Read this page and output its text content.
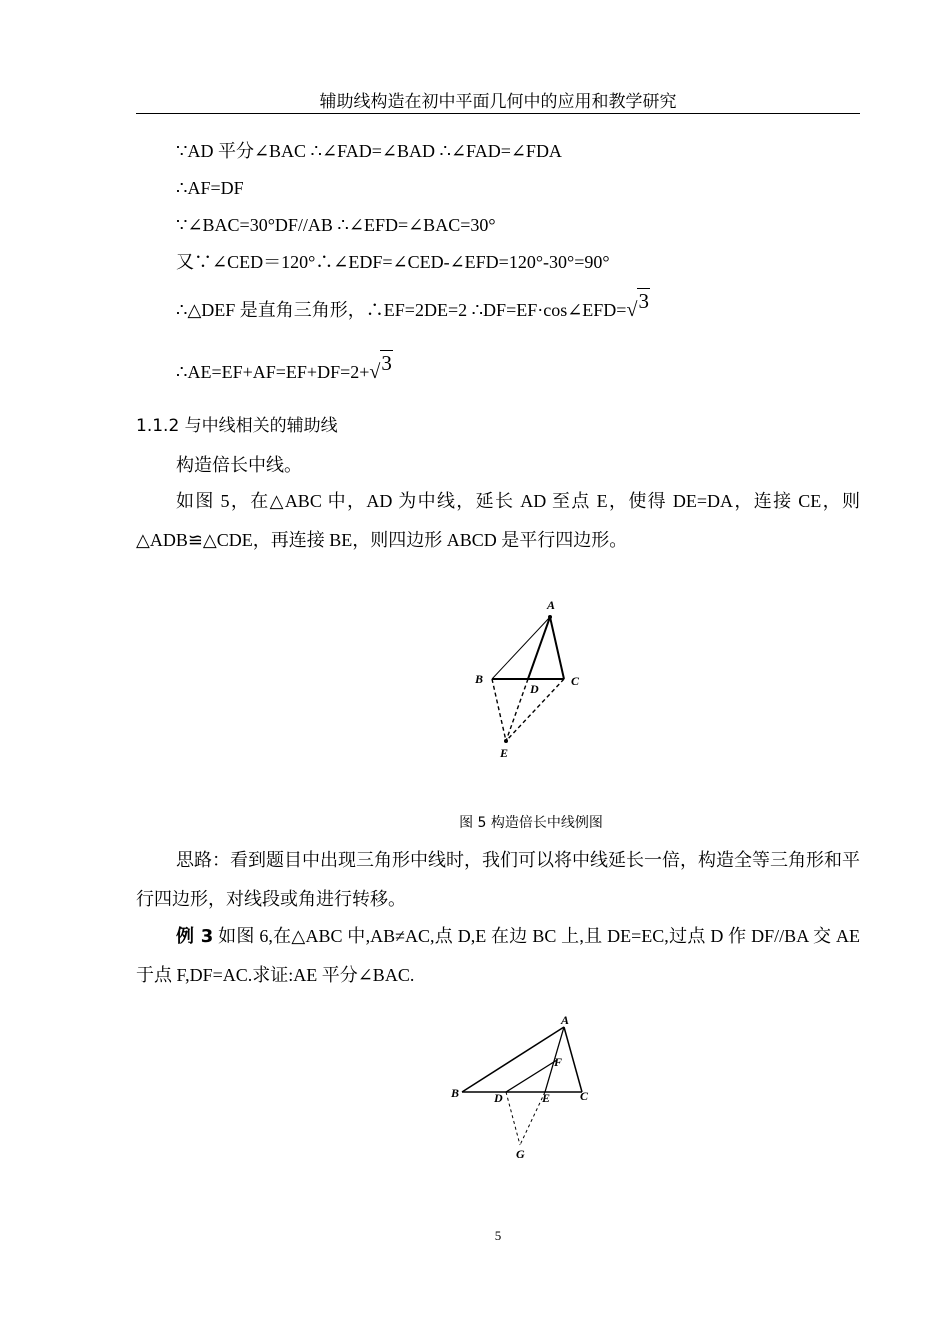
辅助线构造在初中平面几何中的应用和教学研究
∵AD 平分∠BAC ∴∠FAD=∠BAD ∴∠FAD=∠FDA
∴AF=DF
∵∠BAC=30°DF//AB ∴∠EFD=∠BAC=30°
又∵∠CED＝120°∴∠EDF=∠CED-∠EFD=120°-30°=90°
∴△DEF 是直角三角形，∴EF=2DE=2 ∴DF=EF·cos∠EFD=√3
∴AE=EF+AF=EF+DF=2+√3
1.1.2 与中线相关的辅助线
构造倍长中线。
如图 5，在△ABC 中，AD 为中线，延长 AD 至点 E，使得 DE=DA，连接 CE，则△ADB≌△CDE，再连接 BE，则四边形 ABCD 是平行四边形。
A
B	C
D
E
图 5 构造倍长中线例图
思路：看到题目中出现三角形中线时，我们可以将中线延长一倍，构造全等三角形和平行四边形，对线段或角进行转移。
例 3 如图 6,在△ABC 中,AB≠AC,点 D,E 在边 BC 上,且 DE=EC,过点 D 作 DF//BA 交 AE 于点 F,DF=AC.求证:AE 平分∠BAC.
A
B	C
D	E
F
G
5
